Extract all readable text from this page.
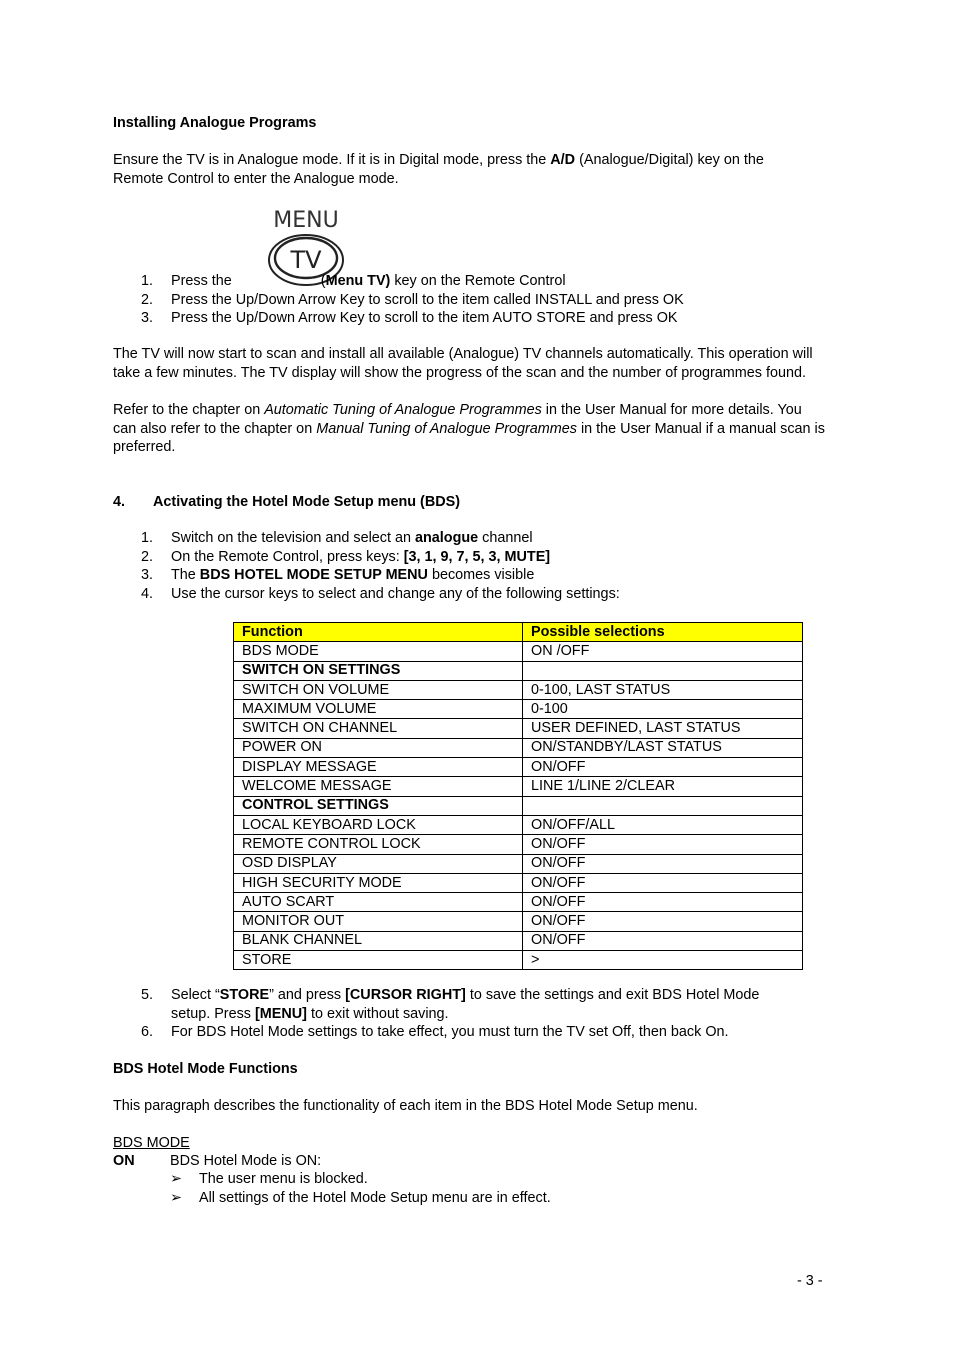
Installing Analogue Programs
Ensure the TV is in Analogue mode. If it is in Digital mode, press the A/D (Analogue/Digital) key on the
Remote Control to enter the Analogue mode.
MENU
TV
1. Press the	(Menu TV) key on the Remote Control
2. Press the Up/Down Arrow Key to scroll to the item called INSTALL and press OK
3. Press the Up/Down Arrow Key to scroll to the item AUTO STORE and press OK
The TV will now start to scan and install all available (Analogue) TV channels automatically. This operation will
take a few minutes. The TV display will show the progress of the scan and the number of programmes found.
Refer to the chapter on Automatic Tuning of Analogue Programmes in the User Manual for more details. You
can also refer to the chapter on Manual Tuning of Analogue Programmes in the User Manual if a manual scan is
preferred.
4. Activating the Hotel Mode Setup menu (BDS)
1. Switch on the television and select an analogue channel
2. On the Remote Control, press keys: [3, 1, 9, 7, 5, 3, MUTE]
3. The BDS HOTEL MODE SETUP MENU becomes visible
4. Use the cursor keys to select and change any of the following settings:
Function	Possible selections
BDS MODE	ON /OFF
SWITCH ON SETTINGS	
SWITCH ON VOLUME	0-100, LAST STATUS
MAXIMUM VOLUME	0-100
SWITCH ON CHANNEL	USER DEFINED, LAST STATUS
POWER ON	ON/STANDBY/LAST STATUS
DISPLAY MESSAGE	ON/OFF
WELCOME MESSAGE	LINE 1/LINE 2/CLEAR
CONTROL SETTINGS	
LOCAL KEYBOARD LOCK	ON/OFF/ALL
REMOTE CONTROL LOCK	ON/OFF
OSD DISPLAY	ON/OFF
HIGH SECURITY MODE	ON/OFF
AUTO SCART	ON/OFF
MONITOR OUT	ON/OFF
BLANK CHANNEL	ON/OFF
STORE	>
5. Select “STORE” and press [CURSOR RIGHT] to save the settings and exit BDS Hotel Mode
setup. Press [MENU] to exit without saving.
6. For BDS Hotel Mode settings to take effect, you must turn the TV set Off, then back On.
BDS Hotel Mode Functions
This paragraph describes the functionality of each item in the BDS Hotel Mode Setup menu.
BDS MODE
ON BDS Hotel Mode is ON:
➢ The user menu is blocked.
➢ All settings of the Hotel Mode Setup menu are in effect.
- 3 -
